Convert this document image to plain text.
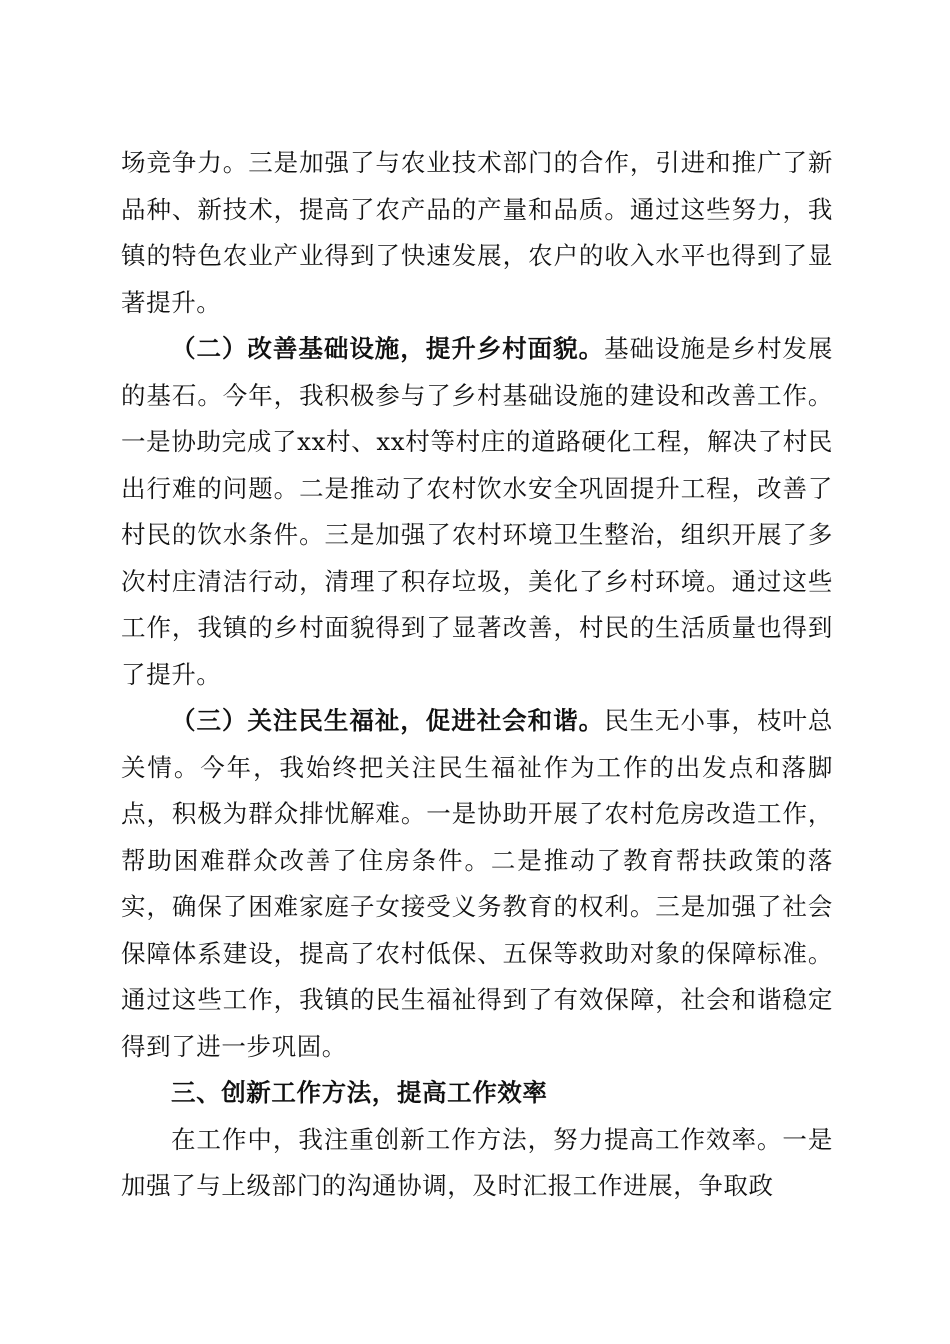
场竞争力。三是加强了与农业技术部门的合作，引进和推广了新品种、新技术，提高了农产品的产量和品质。通过这些努力，我镇的特色农业产业得到了快速发展，农户的收入水平也得到了显著提升。

（二）改善基础设施，提升乡村面貌。基础设施是乡村发展的基石。今年，我积极参与了乡村基础设施的建设和改善工作。一是协助完成了xx村、xx村等村庄的道路硬化工程，解决了村民出行难的问题。二是推动了农村饮水安全巩固提升工程，改善了村民的饮水条件。三是加强了农村环境卫生整治，组织开展了多次村庄清洁行动，清理了积存垃圾，美化了乡村环境。通过这些工作，我镇的乡村面貌得到了显著改善，村民的生活质量也得到了提升。

（三）关注民生福祉，促进社会和谐。民生无小事，枝叶总关情。今年，我始终把关注民生福祉作为工作的出发点和落脚点，积极为群众排忧解难。一是协助开展了农村危房改造工作，帮助困难群众改善了住房条件。二是推动了教育帮扶政策的落实，确保了困难家庭子女接受义务教育的权利。三是加强了社会保障体系建设，提高了农村低保、五保等救助对象的保障标准。通过这些工作，我镇的民生福祉得到了有效保障，社会和谐稳定得到了进一步巩固。

三、创新工作方法，提高工作效率

在工作中，我注重创新工作方法，努力提高工作效率。一是加强了与上级部门的沟通协调，及时汇报工作进展，争取政
